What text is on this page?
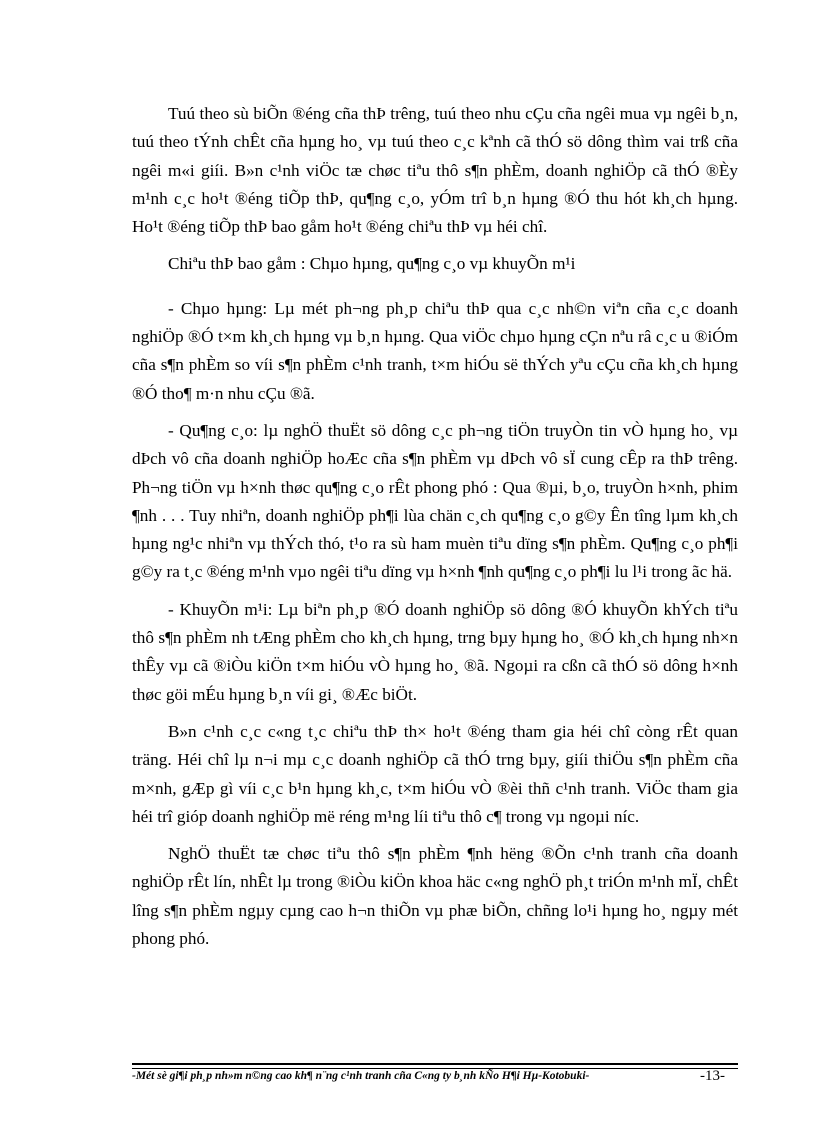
Tuú theo sù biÕn ®éng cña thÞ trêng, tuú theo nhu cÇu cña ngêi mua vµ ngêi b¸n, tuú theo tÝnh chÊt cña hµng ho¸ vµ tuú theo c¸c kªnh cã thÓ sö dông thìm vai trß cña ngêi m«i giíi. B»n c¹nh viÖc tæ chøc tiªu thô s¶n phÈm, doanh nghiÖp cã thÓ ®Èy m¹nh c¸c ho¹t ®éng tiÕp thÞ, qu¶ng c¸o, yÓm trî b¸n hµng ®Ó thu hót kh¸ch hµng. Ho¹t ®éng tiÕp thÞ bao gåm ho¹t ®éng chiªu thÞ vµ héi chî.

Chiªu thÞ bao gåm : Chµo hµng, qu¶ng c¸o vµ khuyÕn m¹i

- Chµo hµng: Lµ mét ph¬ng ph¸p chiªu thÞ qua c¸c nh©n viªn cña c¸c doanh nghiÖp ®Ó t×m kh¸ch hµng vµ b¸n hµng. Qua viÖc chµo hµng cÇn nªu râ c¸c u ®iÓm cña s¶n phÈm so víi s¶n phÈm c¹nh tranh, t×m hiÓu së thÝch yªu cÇu cña kh¸ch hµng ®Ó tho¶ m·n nhu cÇu ®ã.

- Qu¶ng c¸o: lµ nghÖ thuËt sö dông c¸c ph¬ng tiÖn truyÒn tin vÒ hµng ho¸ vµ dÞch vô cña doanh nghiÖp hoÆc cña s¶n phÈm vµ dÞch vô sÏ cung cÊp ra thÞ trêng. Ph¬ng tiÖn vµ h×nh thøc qu¶ng c¸o rÊt phong phó : Qua ®µi, b¸o, truyÒn h×nh, phim ¶nh . . . Tuy nhiªn, doanh nghiÖp ph¶i lùa chän c¸ch qu¶ng c¸o g©y Ên tîng lµm kh¸ch hµng ng¹c nhiªn vµ thÝch thó, t¹o ra sù ham muèn tiªu dïng s¶n phÈm. Qu¶ng c¸o ph¶i g©y ra t¸c ®éng m¹nh vµo ngêi tiªu dïng vµ h×nh ¶nh qu¶ng c¸o ph¶i lu l¹i trong ãc hä.

- KhuyÕn m¹i: Lµ biªn ph¸p ®Ó doanh nghiÖp sö dông ®Ó khuyÕn khÝch tiªu thô s¶n phÈm nh tÆng phÈm cho kh¸ch hµng, trng bµy hµng ho¸ ®Ó kh¸ch hµng nh×n thÊy vµ cã ®iÒu kiÖn t×m hiÓu vÒ hµng ho¸ ®ã. Ngoµi ra cßn cã thÓ sö dông h×nh thøc göi mÉu hµng b¸n víi gi¸ ®Æc biÖt.

B»n c¹nh c¸c c«ng t¸c chiªu thÞ th× ho¹t ®éng tham gia héi chî còng rÊt quan träng. Héi chî lµ n¬i mµ c¸c doanh nghiÖp cã thÓ trng bµy, giíi thiÖu s¶n phÈm cña m×nh, gÆp gì víi c¸c b¹n hµng kh¸c, t×m hiÓu vÒ ®èi thñ c¹nh tranh. ViÖc tham gia héi trî gióp doanh nghiÖp më réng m¹ng líi tiªu thô c¶ trong vµ ngoµi níc.

NghÖ thuËt tæ chøc tiªu thô s¶n phÈm ¶nh hëng ®Õn c¹nh tranh cña doanh nghiÖp rÊt lín, nhÊt lµ trong ®iÒu kiÖn khoa häc c«ng nghÖ ph¸t triÓn m¹nh mÏ, chÊt lîng s¶n phÈm ngµy cµng cao h¬n thiÕn vµ phæ biÕn, chñng lo¹i hµng ho¸ ngµy mét phong phó.

-Mét sè gi¶i ph¸p nh»m n©ng cao kh¶ n¨ng c¹nh tranh cña C«ng ty b¸nh kÑo H¶i Hµ-Kotobuki-	-13-
